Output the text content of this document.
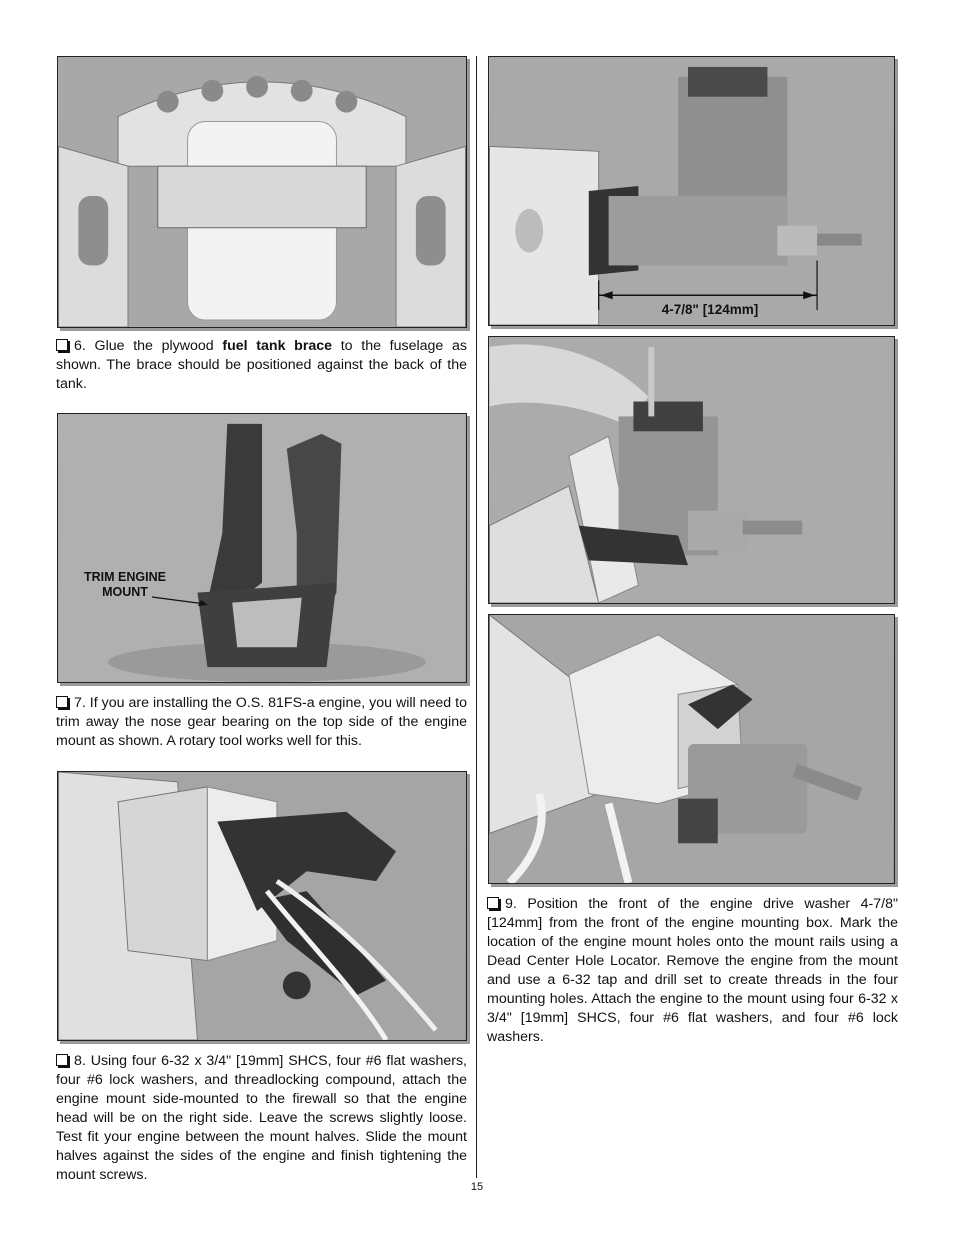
6. Glue the plywood fuel tank brace to the fuselage as shown. The brace should be positioned against the back of the tank.
TRIM ENGINE
MOUNT
7. If you are installing the O.S. 81FS-a engine, you will need to trim away the nose gear bearing on the top side of the engine mount as shown. A rotary tool works well for this.
8. Using four 6-32 x 3/4" [19mm] SHCS, four #6 flat washers, four #6 lock washers, and threadlocking compound, attach the engine mount side-mounted to the firewall so that the engine head will be on the right side. Leave the screws slightly loose. Test fit your engine between the mount halves. Slide the mount halves against the sides of the engine and finish tightening the mount screws.
4-7/8" [124mm]
9. Position the front of the engine drive washer 4-7/8" [124mm] from the front of the engine mounting box. Mark the location of the engine mount holes onto the mount rails using a Dead Center Hole Locator. Remove the engine from the mount and use a 6-32 tap and drill set to create threads in the four mounting holes. Attach the engine to the mount using four 6-32 x 3/4" [19mm] SHCS, four #6 flat washers, and four #6 lock washers.
15
